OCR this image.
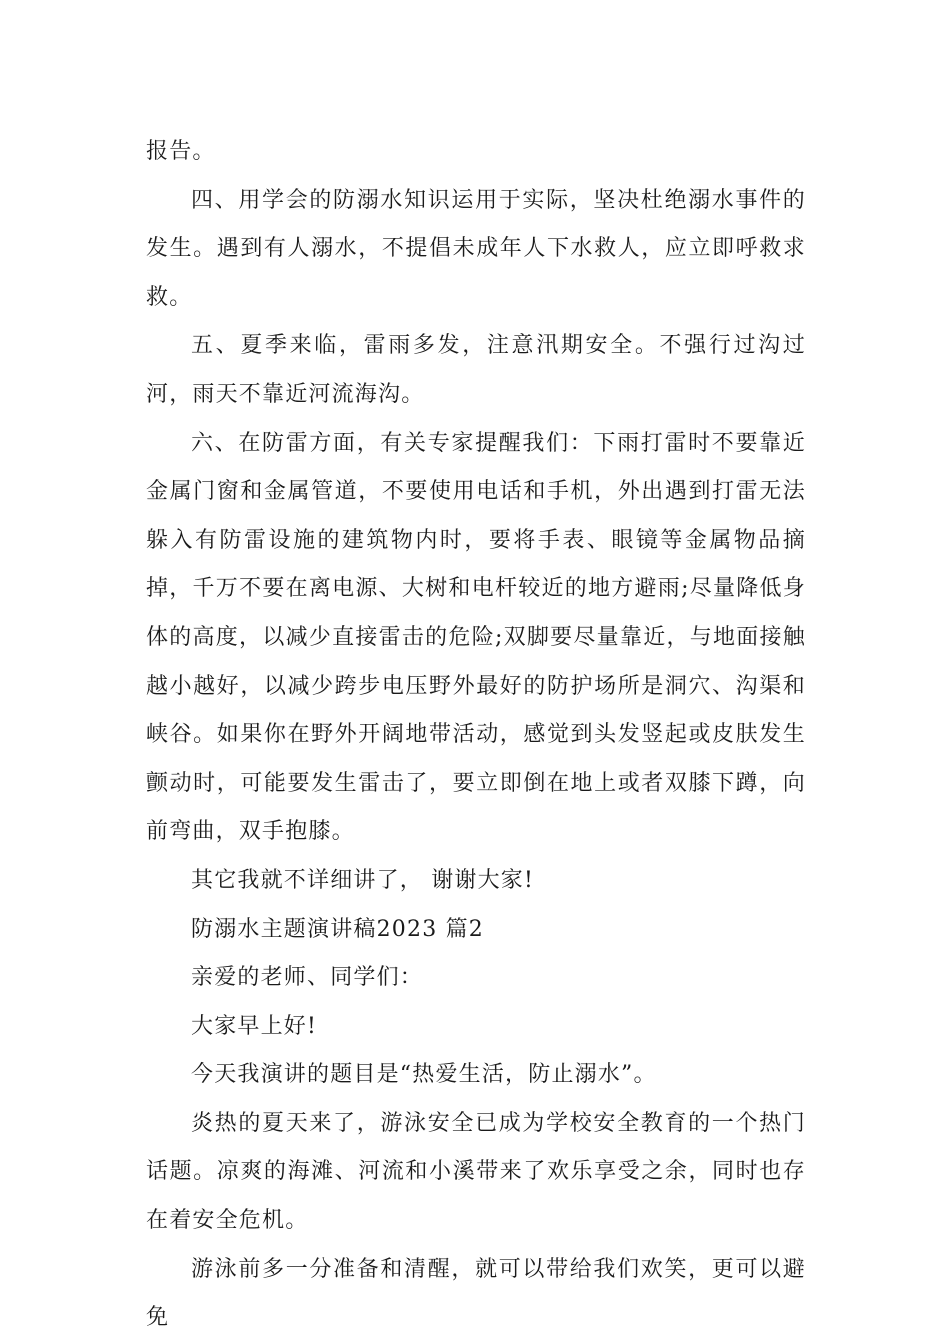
报告。

四、用学会的防溺水知识运用于实际，坚决杜绝溺水事件的发生。遇到有人溺水，不提倡未成年人下水救人，应立即呼救求救。

五、夏季来临，雷雨多发，注意汛期安全。不强行过沟过河，雨天不靠近河流海沟。

六、在防雷方面，有关专家提醒我们：下雨打雷时不要靠近金属门窗和金属管道，不要使用电话和手机，外出遇到打雷无法躲入有防雷设施的建筑物内时，要将手表、眼镜等金属物品摘掉，千万不要在离电源、大树和电杆较近的地方避雨;尽量降低身体的高度，以减少直接雷击的危险;双脚要尽量靠近，与地面接触越小越好，以减少跨步电压野外最好的防护场所是洞穴、沟渠和峡谷。如果你在野外开阔地带活动，感觉到头发竖起或皮肤发生颤动时，可能要发生雷击了，要立即倒在地上或者双膝下蹲，向前弯曲，双手抱膝。

其它我就不详细讲了， 谢谢大家!

防溺水主题演讲稿2023 篇2

亲爱的老师、同学们：

大家早上好!

今天我演讲的题目是“热爱生活，防止溺水”。

炎热的夏天来了，游泳安全已成为学校安全教育的一个热门话题。凉爽的海滩、河流和小溪带来了欢乐享受之余，同时也存在着安全危机。

游泳前多一分准备和清醒，就可以带给我们欢笑，更可以避免
